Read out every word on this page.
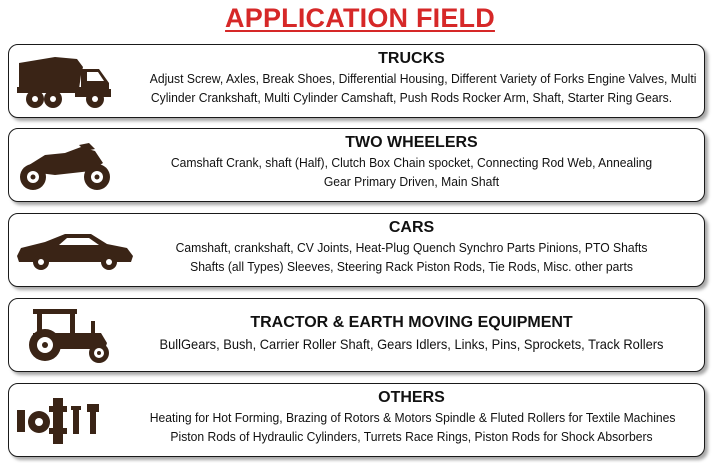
APPLICATION FIELD
TRUCKS
Adjust Screw, Axles, Break Shoes, Differential Housing, Different Variety of Forks Engine Valves, Multi
Cylinder Crankshaft, Multi Cylinder Camshaft, Push Rods Rocker Arm, Shaft, Starter Ring Gears.
TWO WHEELERS
Camshaft Crank, shaft (Half), Clutch Box Chain spocket, Connecting Rod Web, Annealing
Gear Primary Driven, Main Shaft
CARS
Camshaft, crankshaft, CV Joints, Heat-Plug Quench Synchro Parts Pinions, PTO Shafts
Shafts (all Types) Sleeves, Steering Rack Piston Rods, Tie Rods, Misc. other parts
TRACTOR & EARTH MOVING EQUIPMENT
BullGears, Bush, Carrier Roller Shaft, Gears Idlers, Links, Pins, Sprockets, Track Rollers
OTHERS
Heating for Hot Forming, Brazing of Rotors & Motors Spindle & Fluted Rollers for Textile Machines
Piston Rods of Hydraulic Cylinders, Turrets Race Rings, Piston Rods for Shock Absorbers
